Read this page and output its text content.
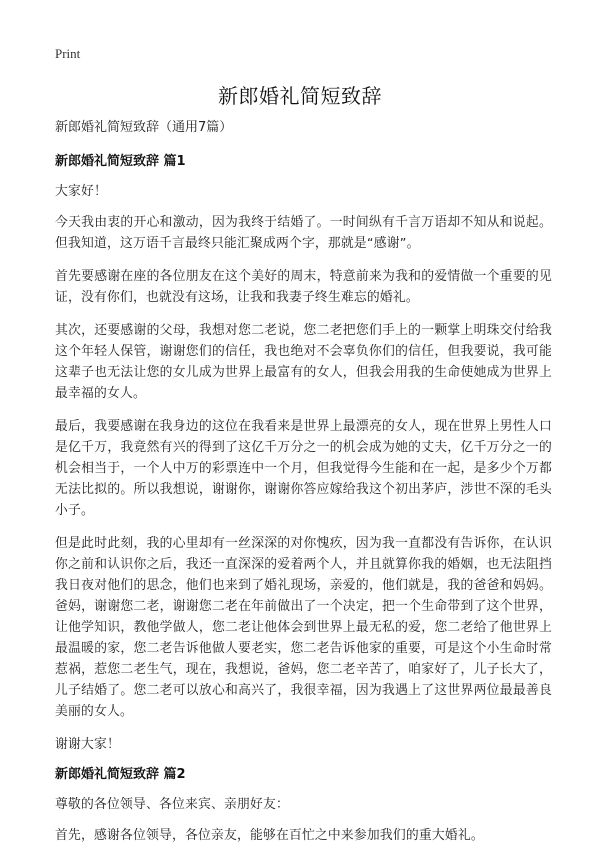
Print
新郎婚礼简短致辞

新郎婚礼简短致辞（通用7篇）

新郎婚礼简短致辞 篇1

大家好！

今天我由衷的开心和激动，因为我终于结婚了。一时间纵有千言万语却不知从和说起。但我知道，这万语千言最终只能汇聚成两个字，那就是“感谢”。

首先要感谢在座的各位朋友在这个美好的周末，特意前来为我和的爱情做一个重要的见证，没有你们，也就没有这场，让我和我妻子终生难忘的婚礼。

其次，还要感谢的父母，我想对您二老说，您二老把您们手上的一颗掌上明珠交付给我这个年轻人保管，谢谢您们的信任，我也绝对不会辜负你们的信任，但我要说，我可能这辈子也无法让您的女儿成为世界上最富有的女人，但我会用我的生命使她成为世界上最幸福的女人。

最后，我要感谢在我身边的这位在我看来是世界上最漂亮的女人，现在世界上男性人口是亿千万，我竟然有兴的得到了这亿千万分之一的机会成为她的丈夫，亿千万分之一的机会相当于，一个人中万的彩票连中一个月，但我觉得今生能和在一起，是多少个万都无法比拟的。所以我想说，谢谢你，谢谢你答应嫁给我这个初出茅庐，涉世不深的毛头小子。

但是此时此刻，我的心里却有一丝深深的对你愧疚，因为我一直都没有告诉你，在认识你之前和认识你之后，我还一直深深的爱着两个人，并且就算你我的婚姻，也无法阻挡我日夜对他们的思念，他们也来到了婚礼现场，亲爱的，他们就是，我的爸爸和妈妈。爸妈，谢谢您二老，谢谢您二老在年前做出了一个决定，把一个生命带到了这个世界，让他学知识，教他学做人，您二老让他体会到世界上最无私的爱，您二老给了他世界上最温暖的家，您二老告诉他做人要老实，您二老告诉他家的重要，可是这个小生命时常惹祸，惹您二老生气，现在，我想说，爸妈，您二老辛苦了，咱家好了，儿子长大了，儿子结婚了。您二老可以放心和高兴了，我很幸福，因为我遇上了这世界两位最最善良美丽的女人。

谢谢大家！

新郎婚礼简短致辞 篇2

尊敬的各位领导、各位来宾、亲朋好友：

首先，感谢各位领导，各位亲友，能够在百忙之中来参加我们的重大婚礼。
